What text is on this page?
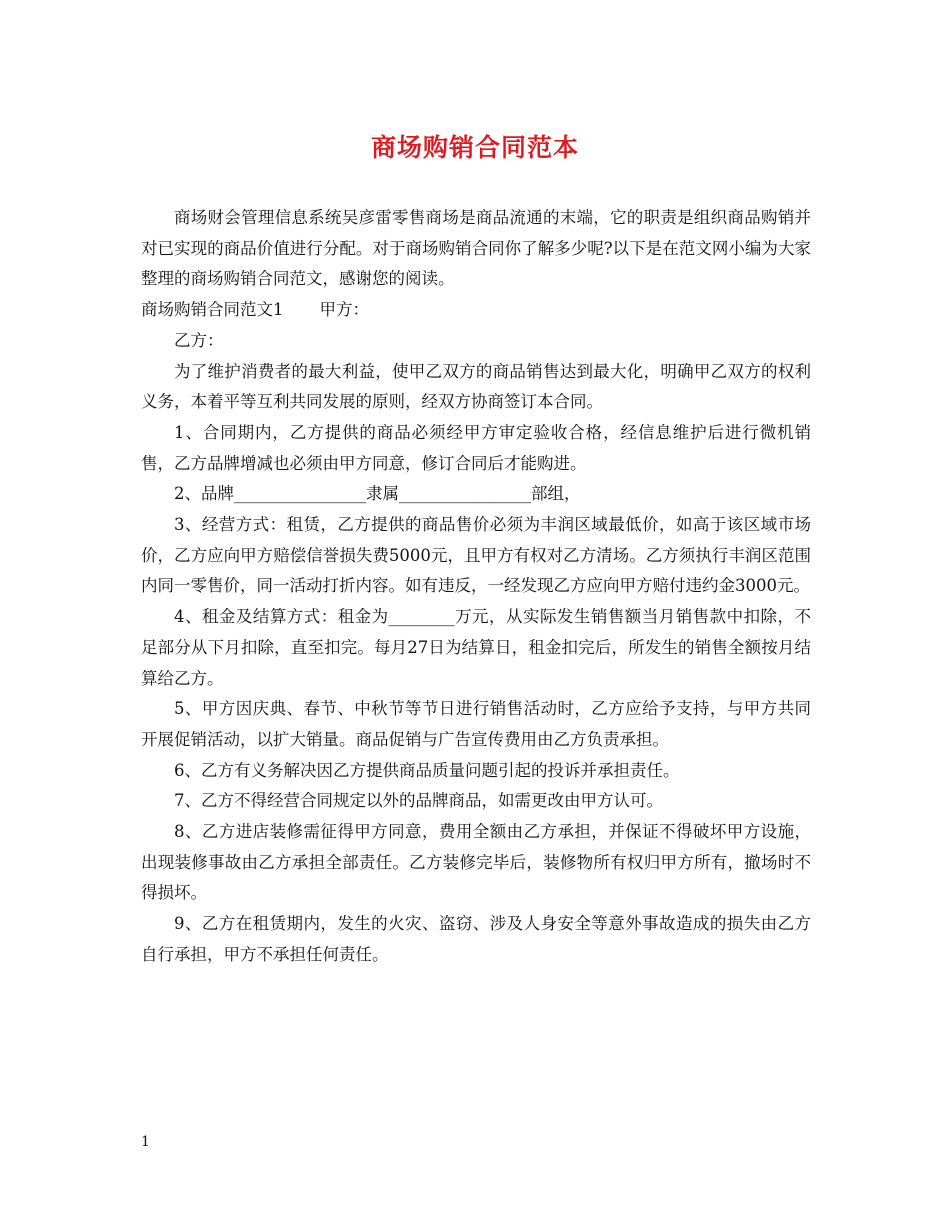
商场购销合同范本

商场财会管理信息系统吴彦雷零售商场是商品流通的末端，它的职责是组织商品购销并对已实现的商品价值进行分配。对于商场购销合同你了解多少呢?以下是在范文网小编为大家整理的商场购销合同范文，感谢您的阅读。

商场购销合同范文1 甲方：

乙方：

为了维护消费者的最大利益，使甲乙双方的商品销售达到最大化，明确甲乙双方的权利义务，本着平等互利共同发展的原则，经双方协商签订本合同。

1、合同期内，乙方提供的商品必须经甲方审定验收合格，经信息维护后进行微机销售，乙方品牌增减也必须由甲方同意，修订合同后才能购进。

2、品牌________________隶属________________部组，

3、经营方式：租赁，乙方提供的商品售价必须为丰润区域最低价，如高于该区域市场价，乙方应向甲方赔偿信誉损失费5000元，且甲方有权对乙方清场。乙方须执行丰润区范围内同一零售价，同一活动打折内容。如有违反，一经发现乙方应向甲方赔付违约金3000元。

4、租金及结算方式：租金为________万元，从实际发生销售额当月销售款中扣除，不足部分从下月扣除，直至扣完。每月27日为结算日，租金扣完后，所发生的销售全额按月结算给乙方。

5、甲方因庆典、春节、中秋节等节日进行销售活动时，乙方应给予支持，与甲方共同开展促销活动，以扩大销量。商品促销与广告宣传费用由乙方负责承担。

6、乙方有义务解决因乙方提供商品质量问题引起的投诉并承担责任。

7、乙方不得经营合同规定以外的品牌商品，如需更改由甲方认可。

8、乙方进店装修需征得甲方同意，费用全额由乙方承担，并保证不得破坏甲方设施，出现装修事故由乙方承担全部责任。乙方装修完毕后，装修物所有权归甲方所有，撤场时不得损坏。

9、乙方在租赁期内，发生的火灾、盗窃、涉及人身安全等意外事故造成的损失由乙方自行承担，甲方不承担任何责任。

1
